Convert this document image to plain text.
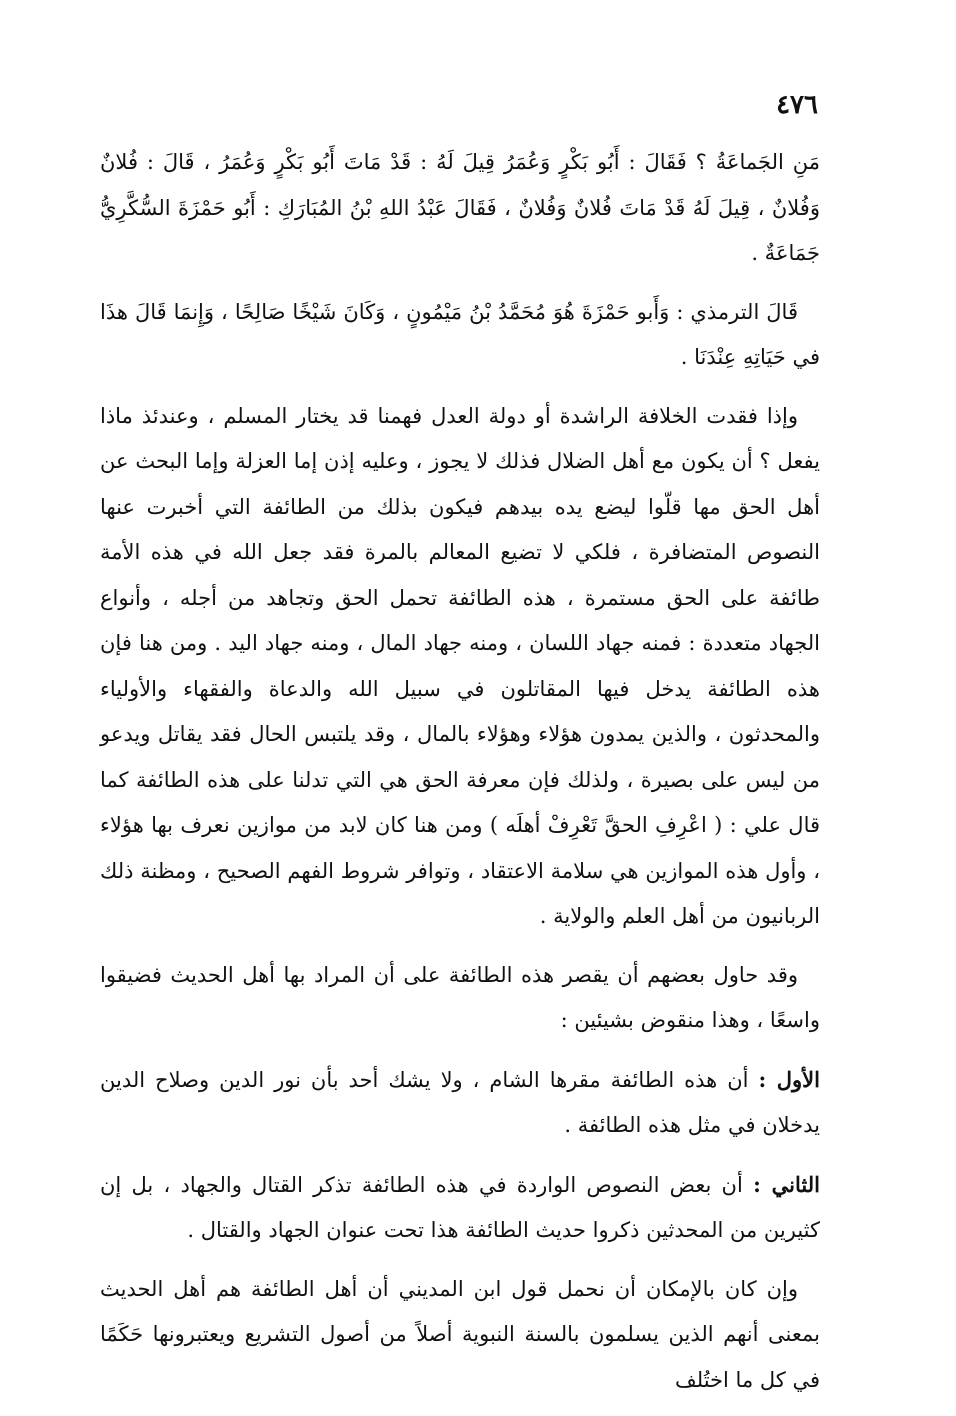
٤٧٦

مَنِ الجَماعَةُ ؟ فَقَالَ : أَبُو بَكْرٍ وَعُمَرُ قِيلَ لَهُ : قَدْ مَاتَ أَبُو بَكْرٍ وَعُمَرُ ، قَالَ : فُلانٌ وَفُلانٌ ، قِيلَ لَهُ قَدْ مَاتَ فُلانٌ وَفُلانٌ ، فَقَالَ عَبْدُ اللهِ بْنُ المُبَارَكِ : أَبُو حَمْزَةَ السُّكَّرِيُّ جَمَاعَةٌ .

قَالَ الترمذي : وَأَبو حَمْزَةَ هُوَ مُحَمَّدُ بْنُ مَيْمُونٍ ، وَكَانَ شَيْخًا صَالِحًا ، وَإِنمَا قَالَ هذَا في حَيَاتِهِ عِنْدَنَا .

وإذا فقدت الخلافة الراشدة أو دولة العدل فهمنا قد يختار المسلم ، وعندئذ ماذا يفعل ؟ أن يكون مع أهل الضلال فذلك لا يجوز ، وعليه إذن إما العزلة وإما البحث عن أهل الحق مها قلّوا ليضع يده بيدهم فيكون بذلك من الطائفة التي أخبرت عنها النصوص المتضافرة ، فلكي لا تضيع المعالم بالمرة فقد جعل الله في هذه الأمة طائفة على الحق مستمرة ، هذه الطائفة تحمل الحق وتجاهد من أجله ، وأنواع الجهاد متعددة : فمنه جهاد اللسان ، ومنه جهاد المال ، ومنه جهاد اليد . ومن هنا فإن هذه الطائفة يدخل فيها المقاتلون في سبيل الله والدعاة والفقهاء والأولياء والمحدثون ، والذين يمدون هؤلاء وهؤلاء بالمال ، وقد يلتبس الحال فقد يقاتل ويدعو من ليس على بصيرة ، ولذلك فإن معرفة الحق هي التي تدلنا على هذه الطائفة كما قال علي : ( اعْرِفِ الحقَّ تَعْرِفْ أهلَه ) ومن هنا كان لابد من موازين نعرف بها هؤلاء ، وأول هذه الموازين هي سلامة الاعتقاد ، وتوافر شروط الفهم الصحيح ، ومظنة ذلك الربانيون من أهل العلم والولاية .

وقد حاول بعضهم أن يقصر هذه الطائفة على أن المراد بها أهل الحديث فضيقوا واسعًا ، وهذا منقوض بشيئين :

الأول : أن هذه الطائفة مقرها الشام ، ولا يشك أحد بأن نور الدين وصلاح الدين يدخلان في مثل هذه الطائفة .

الثاني : أن بعض النصوص الواردة في هذه الطائفة تذكر القتال والجهاد ، بل إن كثيرين من المحدثين ذكروا حديث الطائفة هذا تحت عنوان الجهاد والقتال .

وإن كان بالإمكان أن نحمل قول ابن المديني أن أهل الطائفة هم أهل الحديث بمعنى أنهم الذين يسلمون بالسنة النبوية أصلاً من أصول التشريع ويعتبرونها حَكَمًا في كل ما اختُلف
